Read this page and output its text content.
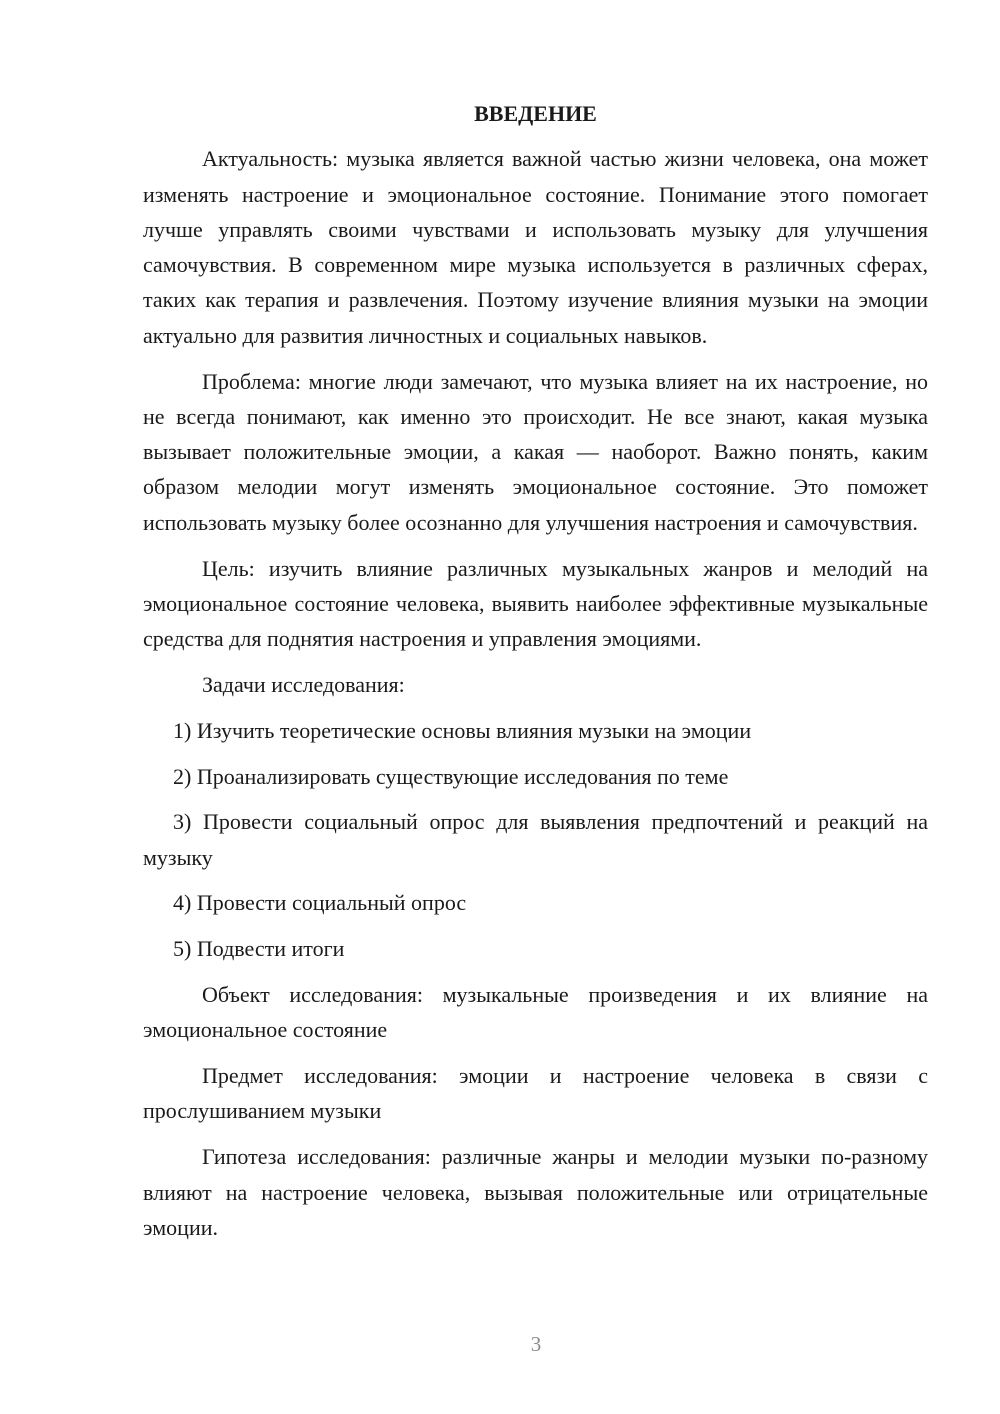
ВВЕДЕНИЕ

Актуальность: музыка является важной частью жизни человека, она может изменять настроение и эмоциональное состояние. Понимание этого помогает лучше управлять своими чувствами и использовать музыку для улучшения самочувствия. В современном мире музыка используется в различных сферах, таких как терапия и развлечения. Поэтому изучение влияния музыки на эмоции актуально для развития личностных и социальных навыков.

Проблема: многие люди замечают, что музыка влияет на их настроение, но не всегда понимают, как именно это происходит. Не все знают, какая музыка вызывает положительные эмоции, а какая — наоборот. Важно понять, каким образом мелодии могут изменять эмоциональное состояние. Это поможет использовать музыку более осознанно для улучшения настроения и самочувствия.

Цель: изучить влияние различных музыкальных жанров и мелодий на эмоциональное состояние человека, выявить наиболее эффективные музыкальные средства для поднятия настроения и управления эмоциями.

Задачи исследования:

1) Изучить теоретические основы влияния музыки на эмоции

2) Проанализировать существующие исследования по теме

3) Провести социальный опрос для выявления предпочтений и реакций на музыку

4) Провести социальный опрос

5) Подвести итоги

Объект исследования: музыкальные произведения и их влияние на эмоциональное состояние

Предмет исследования: эмоции и настроение человека в связи с прослушиванием музыки

Гипотеза исследования: различные жанры и мелодии музыки по-разному влияют на настроение человека, вызывая положительные или отрицательные эмоции.

3
